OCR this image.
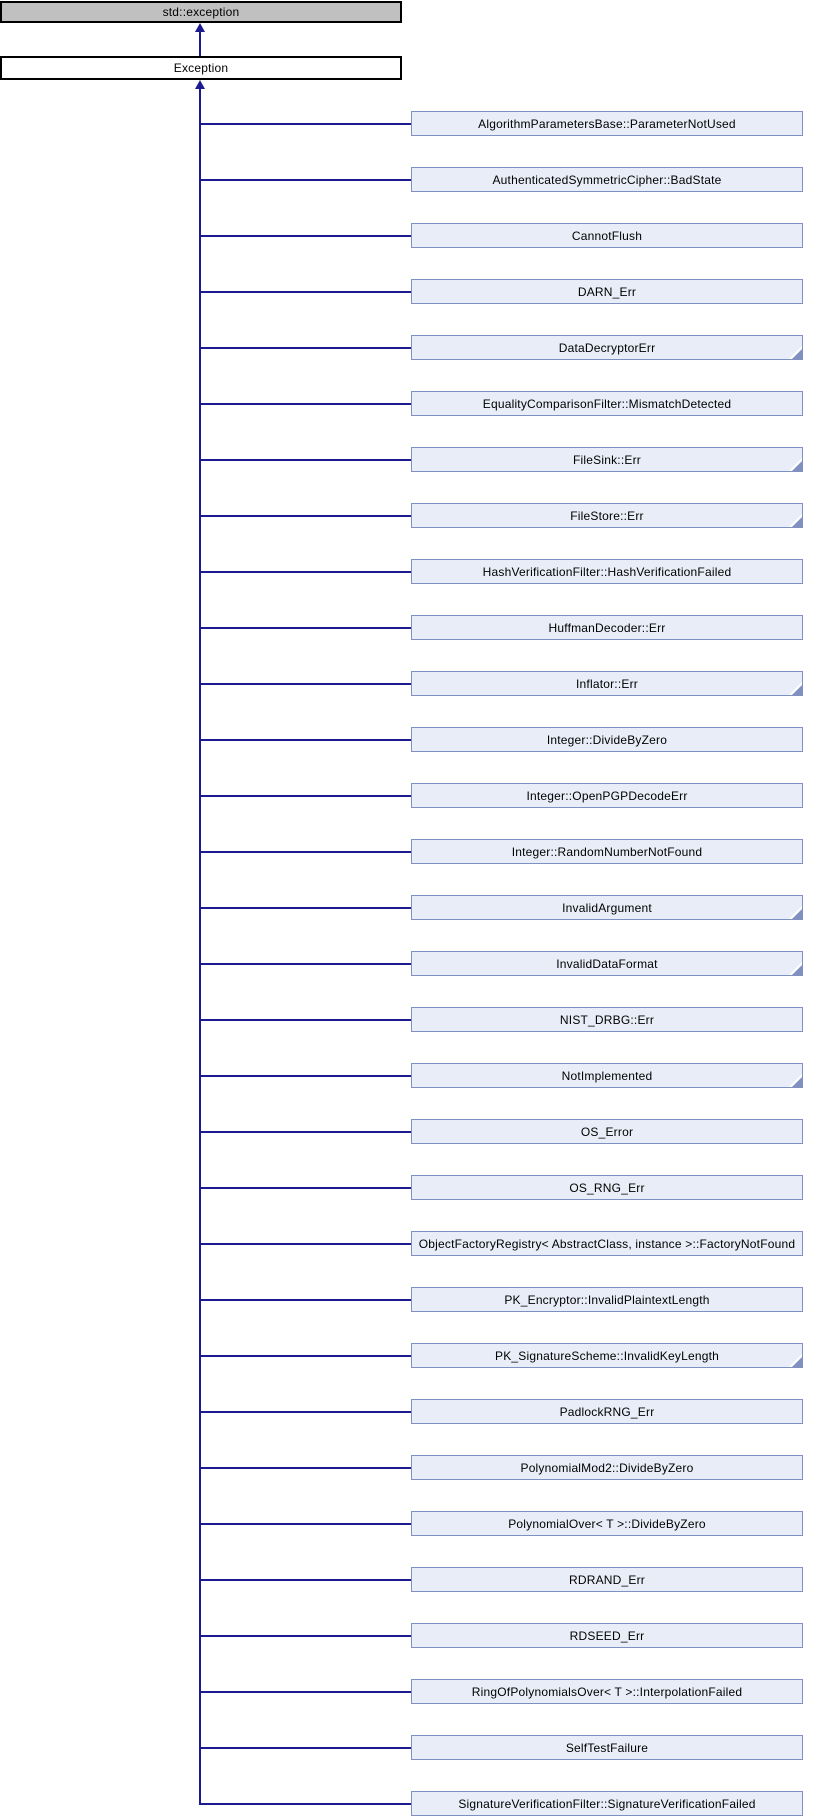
std::exception
Exception
AlgorithmParametersBase::ParameterNotUsed
AuthenticatedSymmetricCipher::BadState
CannotFlush
DARN_Err
DataDecryptorErr
EqualityComparisonFilter::MismatchDetected
FileSink::Err
FileStore::Err
HashVerificationFilter::HashVerificationFailed
HuffmanDecoder::Err
Inflator::Err
Integer::DivideByZero
Integer::OpenPGPDecodeErr
Integer::RandomNumberNotFound
InvalidArgument
InvalidDataFormat
NIST_DRBG::Err
NotImplemented
OS_Error
OS_RNG_Err
ObjectFactoryRegistry< AbstractClass, instance >::FactoryNotFound
PK_Encryptor::InvalidPlaintextLength
PK_SignatureScheme::InvalidKeyLength
PadlockRNG_Err
PolynomialMod2::DivideByZero
PolynomialOver< T >::DivideByZero
RDRAND_Err
RDSEED_Err
RingOfPolynomialsOver< T >::InterpolationFailed
SelfTestFailure
SignatureVerificationFilter::SignatureVerificationFailed
